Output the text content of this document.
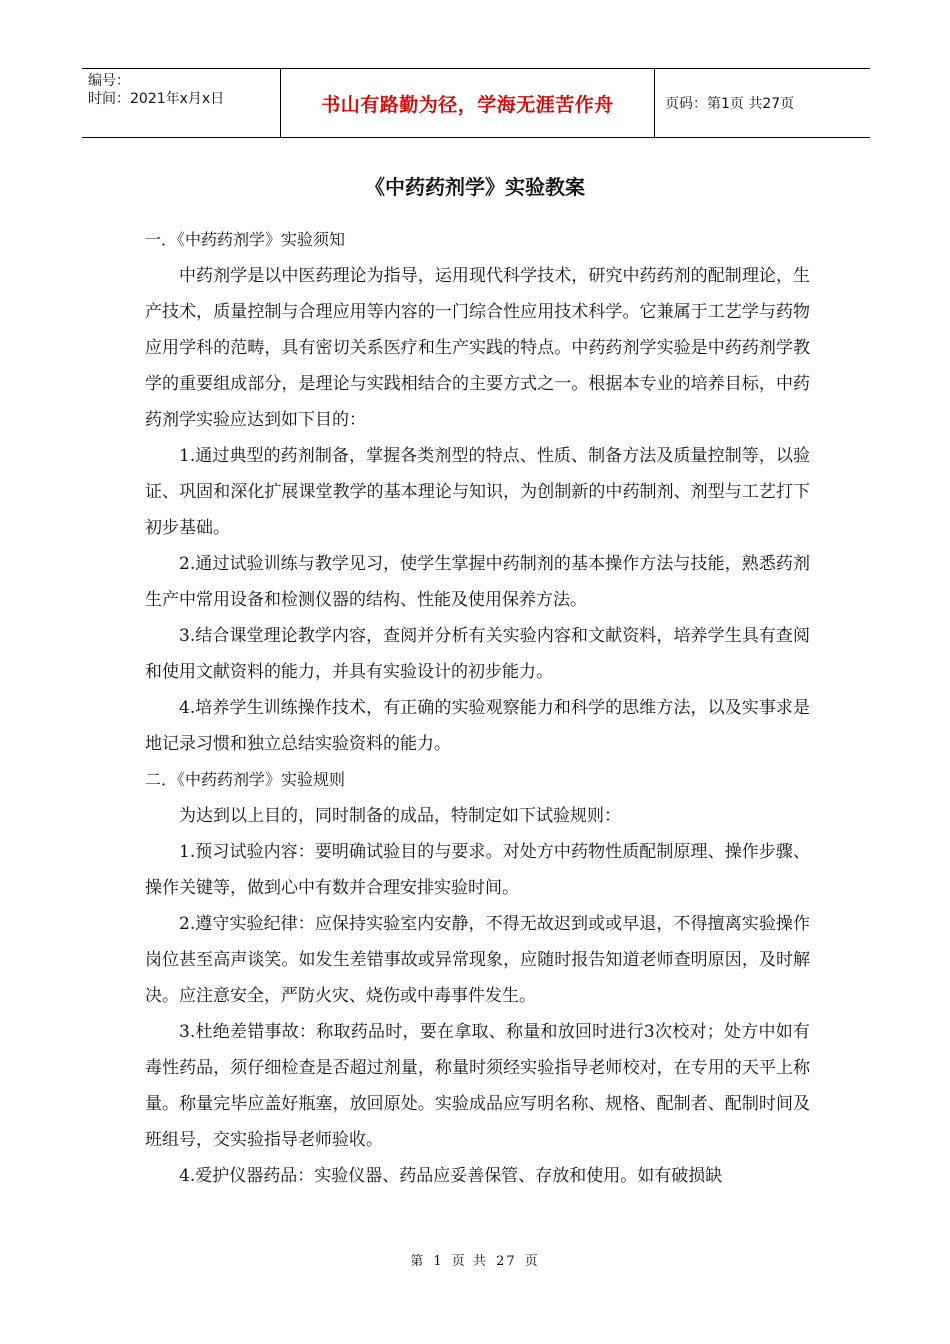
编号：
时间：2021年x月x日	书山有路勤为径，学海无涯苦作舟	页码：第1页 共27页
《中药药剂学》实验教案
一．《中药药剂学》实验须知

中药剂学是以中医药理论为指导，运用现代科学技术，研究中药药剂的配制理论，生产技术，质量控制与合理应用等内容的一门综合性应用技术科学。它兼属于工艺学与药物应用学科的范畴，具有密切关系医疗和生产实践的特点。中药药剂学实验是中药药剂学教学的重要组成部分，是理论与实践相结合的主要方式之一。根据本专业的培养目标，中药药剂学实验应达到如下目的：

1.通过典型的药剂制备，掌握各类剂型的特点、性质、制备方法及质量控制等，以验证、巩固和深化扩展课堂教学的基本理论与知识，为创制新的中药制剂、剂型与工艺打下初步基础。

2.通过试验训练与教学见习，使学生掌握中药制剂的基本操作方法与技能，熟悉药剂生产中常用设备和检测仪器的结构、性能及使用保养方法。

3.结合课堂理论教学内容，查阅并分析有关实验内容和文献资料，培养学生具有查阅和使用文献资料的能力，并具有实验设计的初步能力。

4.培养学生训练操作技术，有正确的实验观察能力和科学的思维方法，以及实事求是地记录习惯和独立总结实验资料的能力。

二．《中药药剂学》实验规则

为达到以上目的，同时制备的成品，特制定如下试验规则：

1.预习试验内容：要明确试验目的与要求。对处方中药物性质配制原理、操作步骤、操作关键等，做到心中有数并合理安排实验时间。

2.遵守实验纪律：应保持实验室内安静，不得无故迟到或或早退，不得擅离实验操作岗位甚至高声谈笑。如发生差错事故或异常现象，应随时报告知道老师查明原因，及时解决。应注意安全，严防火灾、烧伤或中毒事件发生。

3.杜绝差错事故：称取药品时，要在拿取、称量和放回时进行3次校对；处方中如有毒性药品，须仔细检查是否超过剂量，称量时须经实验指导老师校对，在专用的天平上称量。称量完毕应盖好瓶塞，放回原处。实验成品应写明名称、规格、配制者、配制时间及班组号，交实验指导老师验收。

4.爱护仪器药品：实验仪器、药品应妥善保管、存放和使用。如有破损缺

第 1 页 共 27 页
